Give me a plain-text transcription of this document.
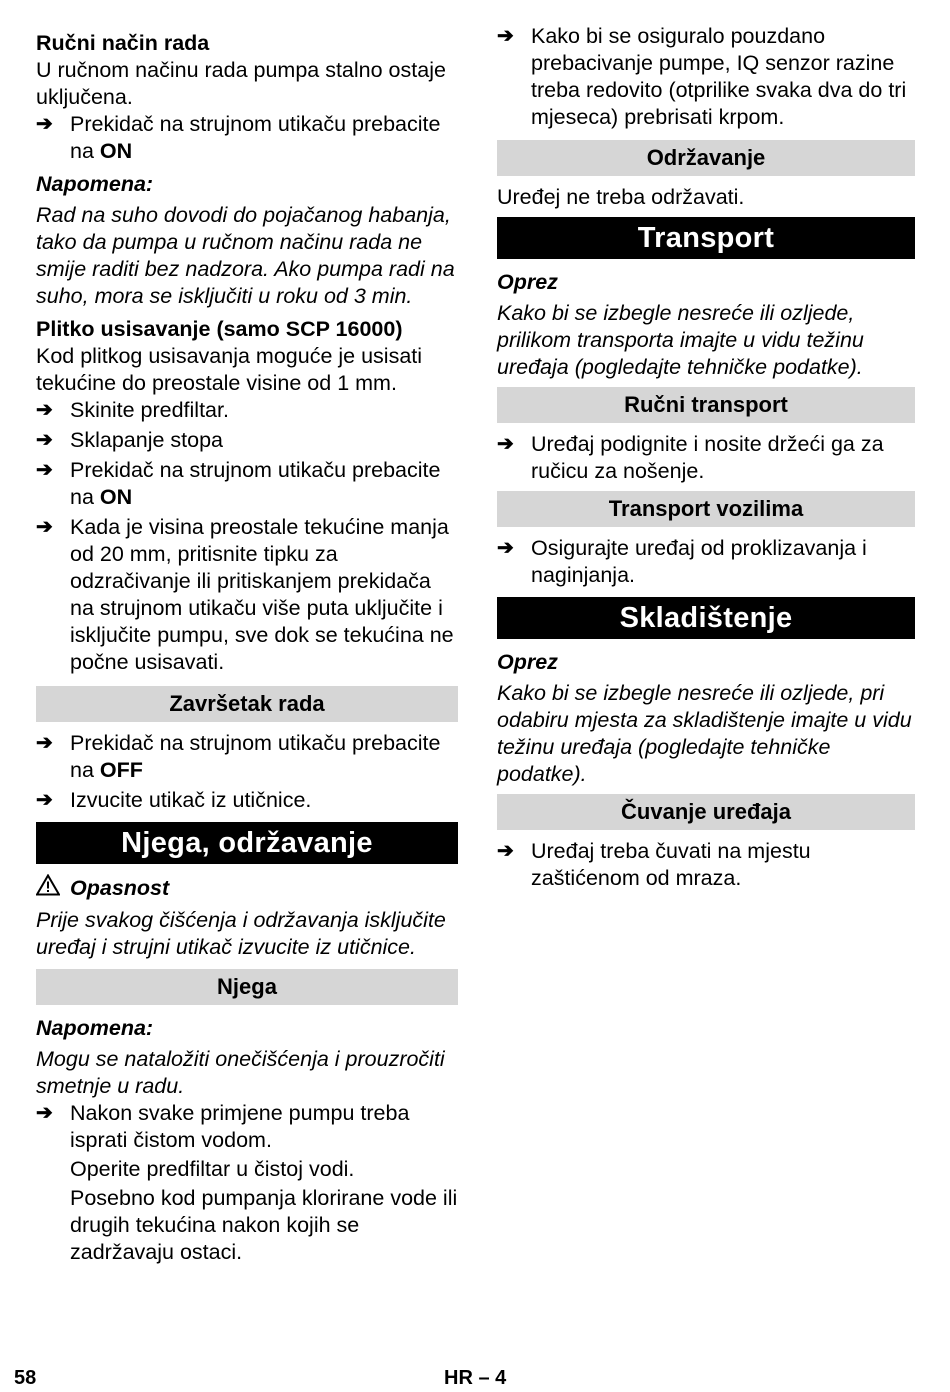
Ručni način rada

U ručnom načinu rada pumpa stalno ostaje uključena.

➔ Prekidač na strujnom utikaču prebacite na ON

Napomena:

Rad na suho dovodi do pojačanog habanja, tako da pumpa u ručnom načinu rada ne smije raditi bez nadzora. Ako pumpa radi na suho, mora se isključiti u roku od 3 min.

Plitko usisavanje (samo SCP 16000)

Kod plitkog usisavanja moguće je usisati tekućine do preostale visine od 1 mm.

➔ Skinite predfiltar.
➔ Sklapanje stopa
➔ Prekidač na strujnom utikaču prebacite na ON
➔ Kada je visina preostale tekućine manja od 20 mm, pritisnite tipku za odzračivanje ili pritiskanjem prekidača na strujnom utikaču više puta uključite i isključite pumpu, sve dok se tekućina ne počne usisavati.
Završetak rada
➔ Prekidač na strujnom utikaču prebacite na OFF
➔ Izvucite utikač iz utičnice.
Njega, održavanje
Opasnost

Prije svakog čišćenja i održavanja isključite uređaj i strujni utikač izvucite iz utičnice.

Njega

Napomena:

Mogu se nataložiti onečišćenja i prouzročiti smetnje u radu.

➔ Nakon svake primjene pumpu treba isprati čistom vodom.

Operite predfiltar u čistoj vodi.

Posebno kod pumpanja klorirane vode ili drugih tekućina nakon kojih se zadržavaju ostaci.

➔ Kako bi se osiguralo pouzdano prebacivanje pumpe, IQ senzor razine treba redovito (otprilike svaka dva do tri mjeseca) prebrisati krpom.
Održavanje

Uređej ne treba održavati.

Transport

Oprez

Kako bi se izbegle nesreće ili ozljede, prilikom transporta imajte u vidu težinu uređaja (pogledajte tehničke podatke).

Ručni transport
➔ Uređaj podignite i nosite držeći ga za ručicu za nošenje.
Transport vozilima
➔ Osigurajte uređaj od proklizavanja i naginjanja.
Skladištenje

Oprez

Kako bi se izbegle nesreće ili ozljede, pri odabiru mjesta za skladištenje imajte u vidu težinu uređaja (pogledajte tehničke podatke).

Čuvanje uređaja
➔ Uređaj treba čuvati na mjestu zaštićenom od mraza.
58	HR – 4
